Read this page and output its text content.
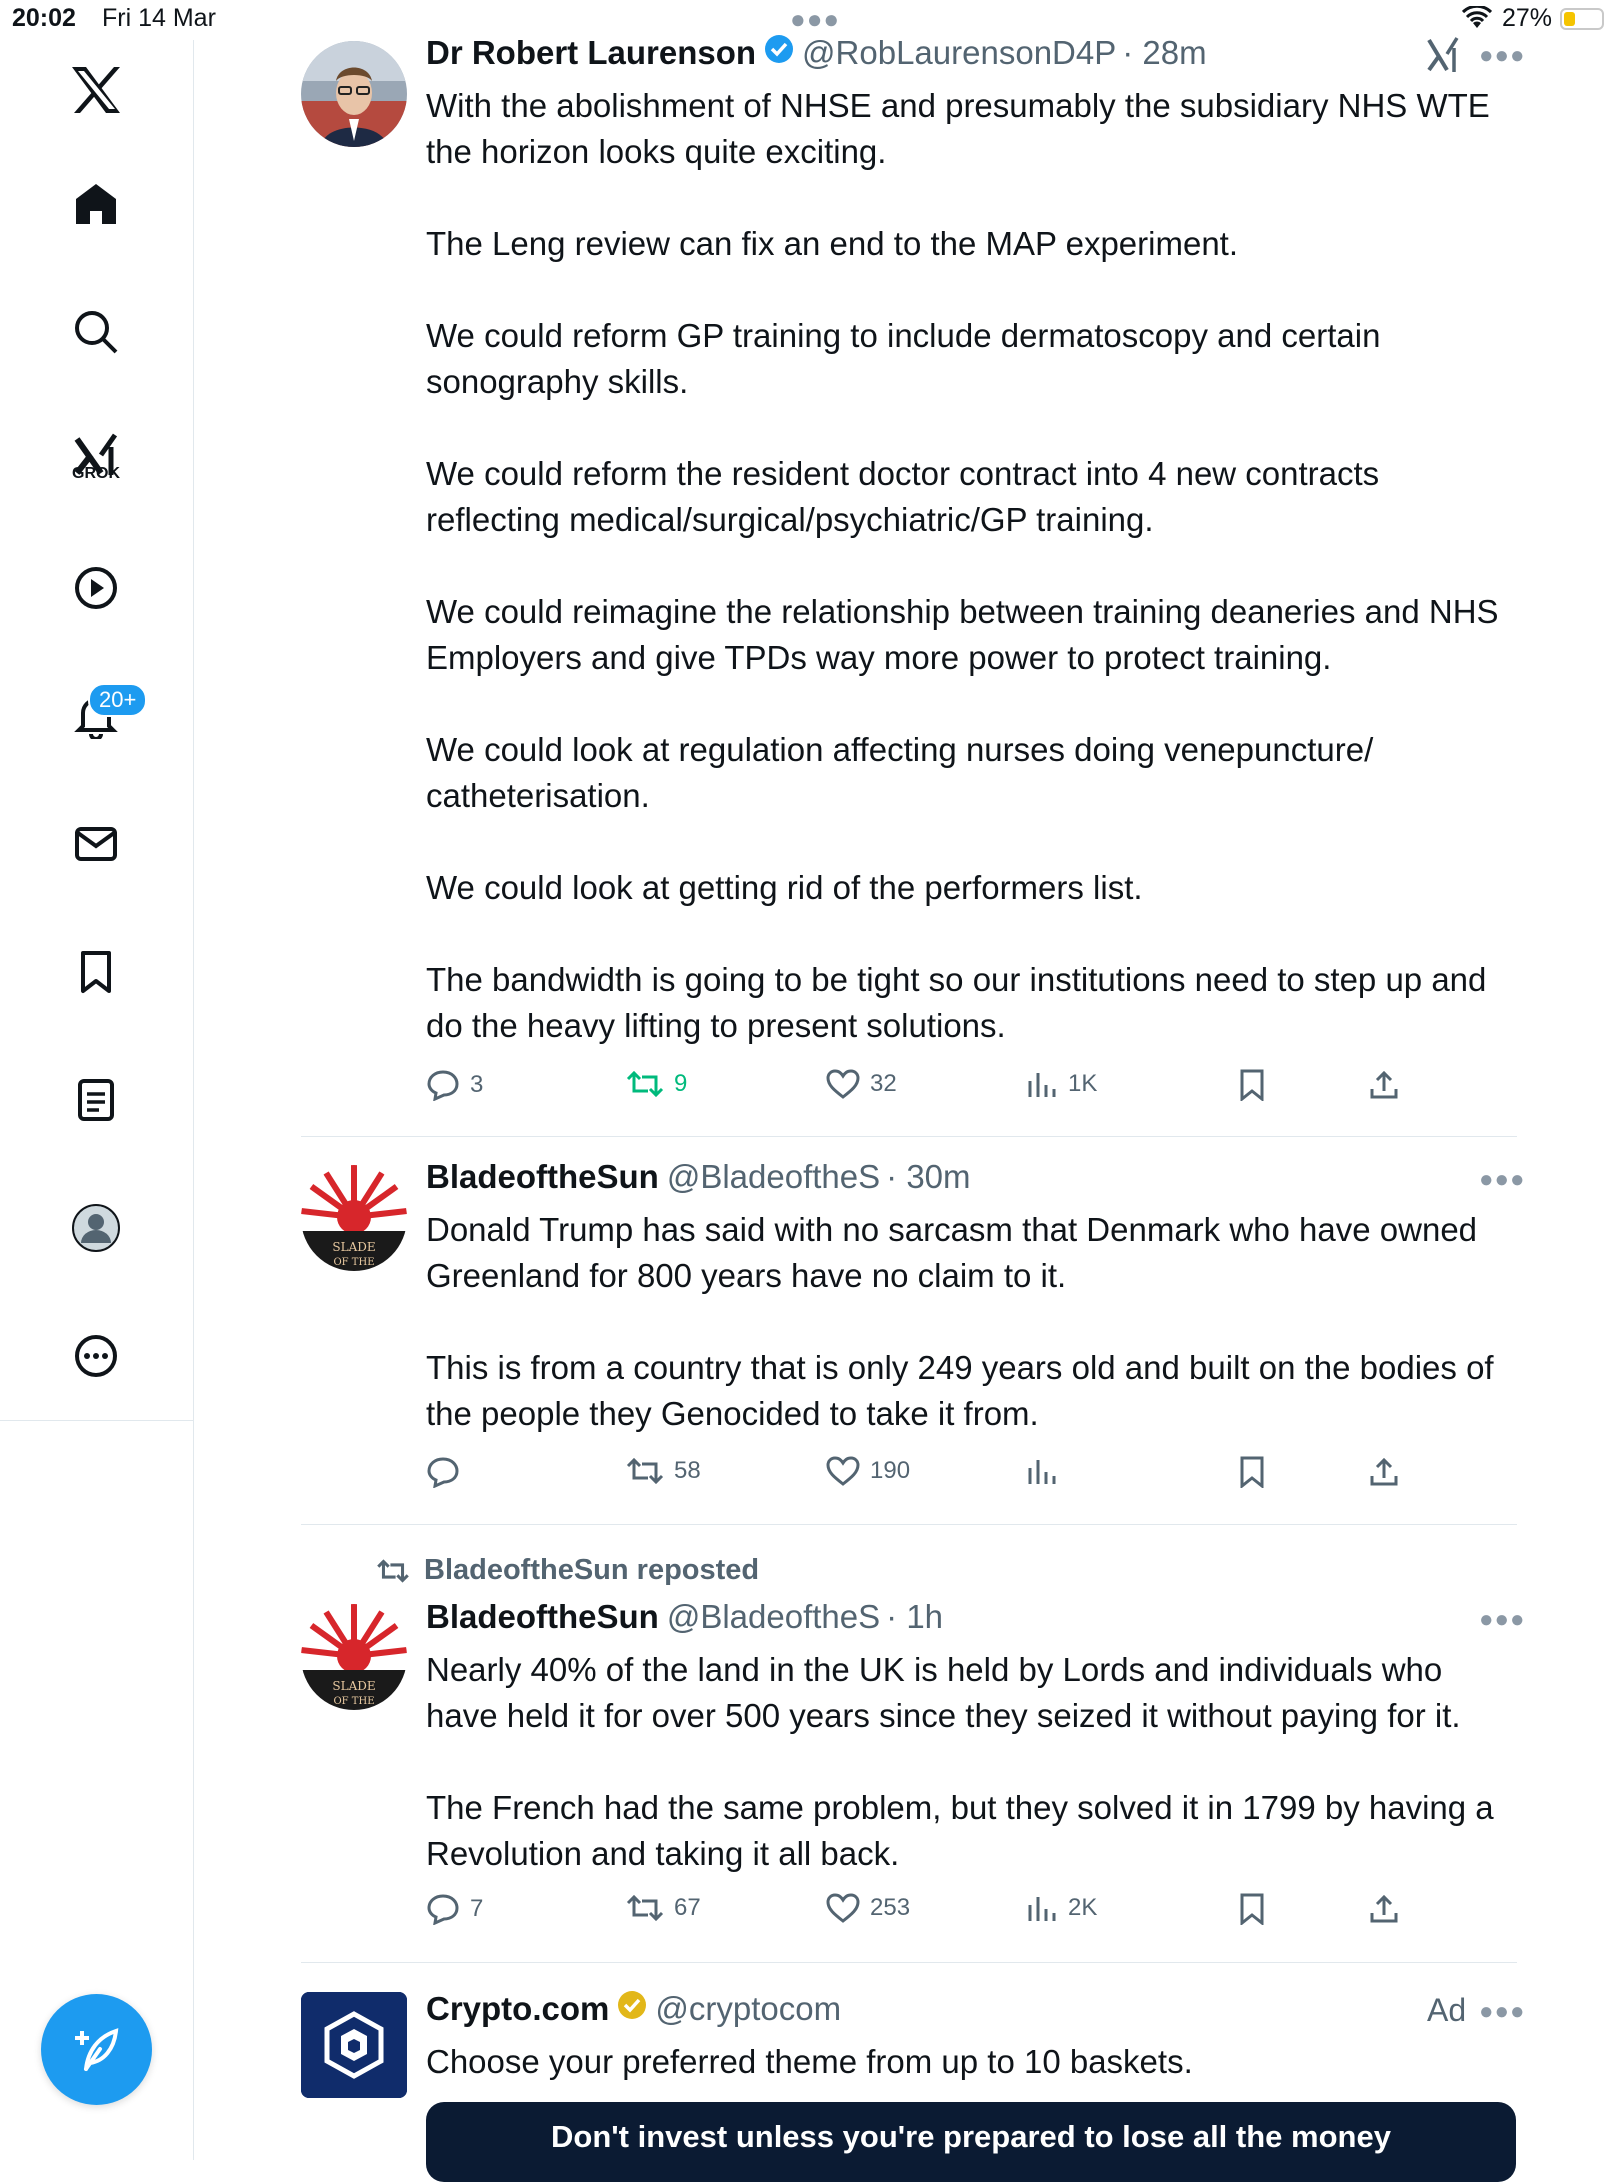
20:02 Fri 14 Mar	●●●	27%
GROK
20+
Dr Robert Laurenson @RobLaurensonD4P · 28m	●●●

With the abolishment of NHSE and presumably the subsidiary NHS WTE the horizon looks quite exciting.

The Leng review can fix an end to the MAP experiment.

We could reform GP training to include dermatoscopy and certain sonography skills.

We could reform the resident doctor contract into 4 new contracts reflecting medical/surgical/psychiatric/GP training.

We could reimagine the relationship between training deaneries and NHS Employers and give TPDs way more power to protect training.

We could look at regulation affecting nurses doing venepuncture/ catheterisation.

We could look at getting rid of the performers list.

The bandwidth is going to be tight so our institutions need to step up and do the heavy lifting to present solutions.

3	9	32	1K
SLADE
OF THE
BladeoftheSun @BladeoftheS · 30m	●●●

Donald Trump has said with no sarcasm that Denmark who have owned Greenland for 800 years have no claim to it.

This is from a country that is only 249 years old and built on the bodies of the people they Genocided to take it from.

58	190
BladeoftheSun reposted
SLADE
OF THE
BladeoftheSun @BladeoftheS · 1h	●●●

Nearly 40% of the land in the UK is held by Lords and individuals who have held it for over 500 years since they seized it without paying for it.

The French had the same problem, but they solved it in 1799 by having a Revolution and taking it all back.

7	67	253	2K
Crypto.com @cryptocom	Ad ●●●

Choose your preferred theme from up to 10 baskets.

Don't invest unless you're prepared to lose all the money
